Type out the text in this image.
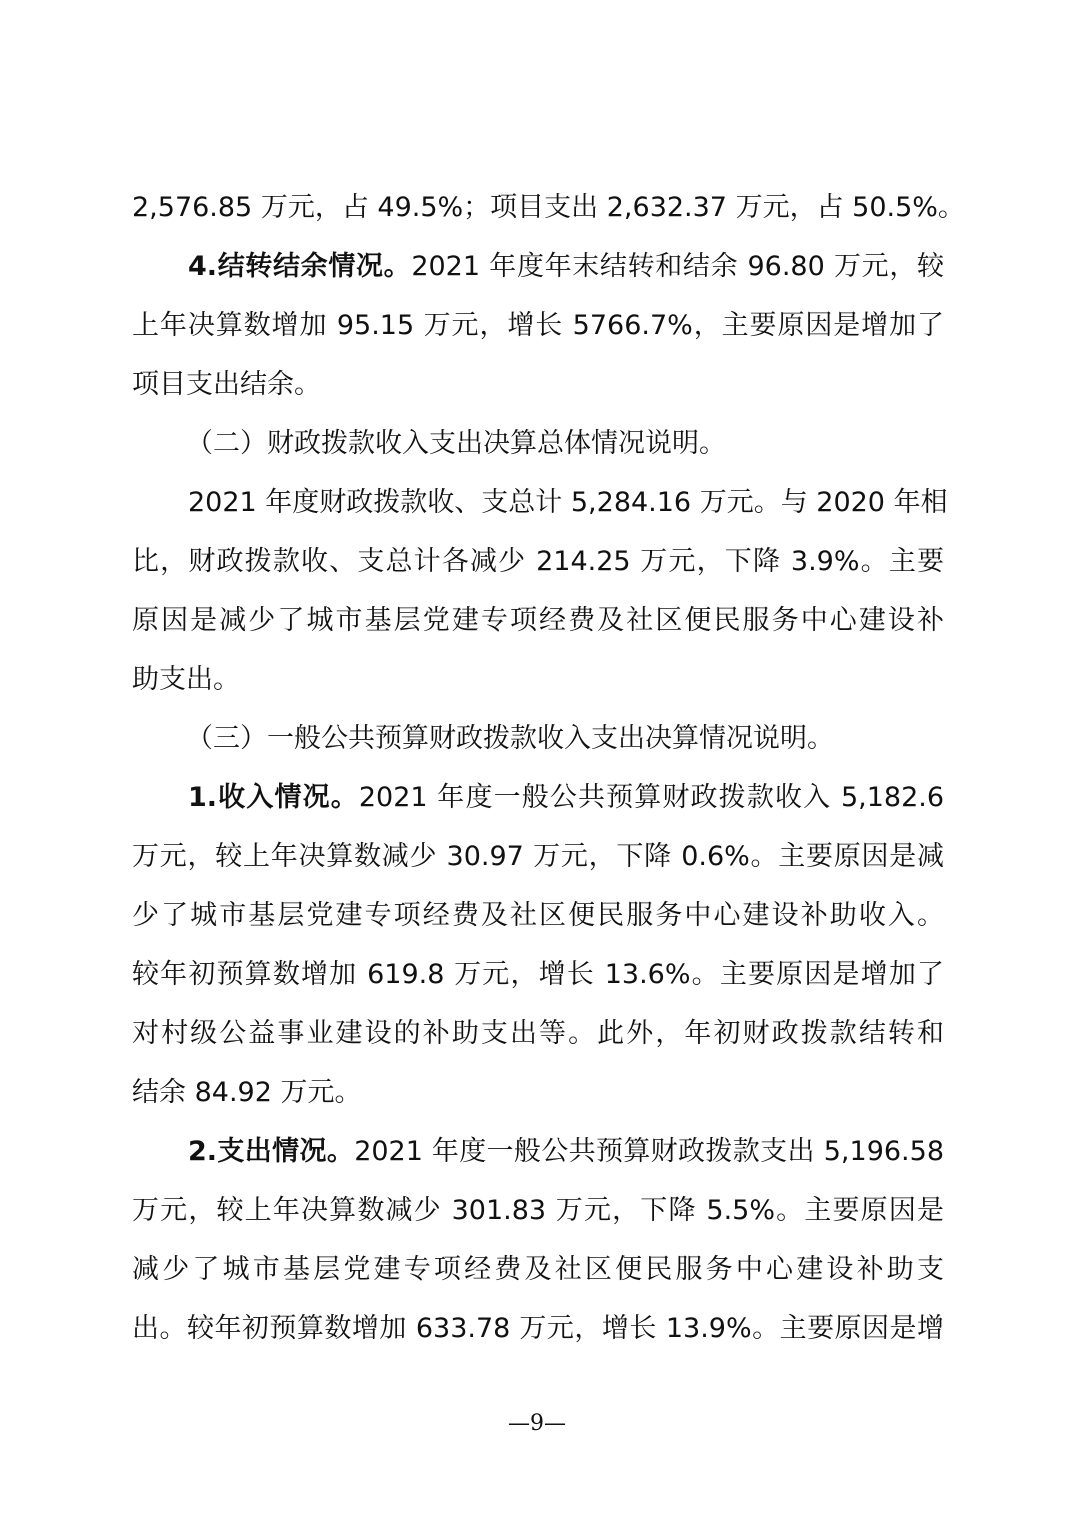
2,576.85 万元，占 49.5%；项目支出 2,632.37 万元，占 50.5%。
4.结转结余情况。2021 年度年末结转和结余 96.80 万元，较
上年决算数增加 95.15 万元，增长 5766.7%，主要原因是增加了
项目支出结余。
（二）财政拨款收入支出决算总体情况说明。
2021 年度财政拨款收、支总计 5,284.16 万元。与 2020 年相
比，财政拨款收、支总计各减少 214.25 万元，下降 3.9%。主要
原因是减少了城市基层党建专项经费及社区便民服务中心建设补
助支出。
（三）一般公共预算财政拨款收入支出决算情况说明。
1.收入情况。2021 年度一般公共预算财政拨款收入 5,182.6
万元，较上年决算数减少 30.97 万元，下降 0.6%。主要原因是减
少了城市基层党建专项经费及社区便民服务中心建设补助收入。
较年初预算数增加 619.8 万元，增长 13.6%。主要原因是增加了
对村级公益事业建设的补助支出等。此外，年初财政拨款结转和
结余 84.92 万元。
2.支出情况。2021 年度一般公共预算财政拨款支出 5,196.58
万元，较上年决算数减少 301.83 万元，下降 5.5%。主要原因是
减少了城市基层党建专项经费及社区便民服务中心建设补助支
出。较年初预算数增加 633.78 万元，增长 13.9%。主要原因是增
—9—
